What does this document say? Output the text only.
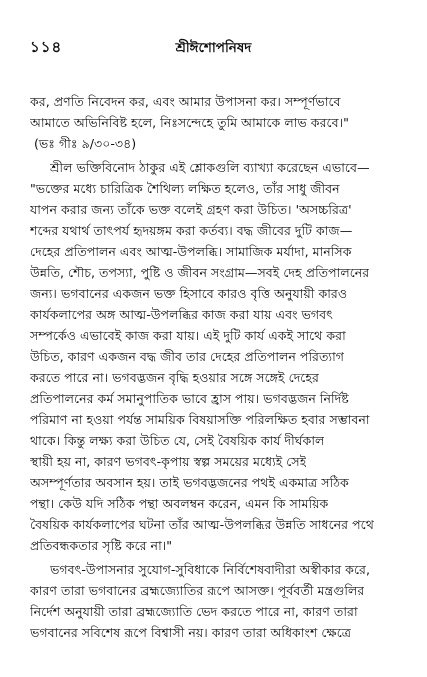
১১৪	শ্রীঈশোপনিষদ
কর, প্রণতি নিবেদন কর, এবং আমার উপাসনা কর। সম্পূর্ণভাবে
আমাতে অভিনিবিষ্ট হলে, নিঃসন্দেহে তুমি আমাকে লাভ করবে।"
(ভঃ গীঃ ৯/৩০-৩৪)
শ্রীল ভক্তিবিনোদ ঠাকুর এই শ্লোকগুলি ব্যাখ্যা করেছেন এভাবে—
"ভক্তের মধ্যে চারিত্রিক শৈথিল্য লক্ষিত হলেও, তাঁর সাধু জীবন
যাপন করার জন্য তাঁকে ভক্ত বলেই গ্রহণ করা উচিত। 'অসচ্চরিত্র'
শব্দের যথার্থ তাৎপর্য হৃদয়ঙ্গম করা কর্তব্য। বদ্ধ জীবের দুটি কাজ—
দেহের প্রতিপালন এবং আত্ম-উপলব্ধি। সামাজিক মর্যাদা, মানসিক
উন্নতি, শৌচ, তপস্যা, পুষ্টি ও জীবন সংগ্রাম—সবই দেহ প্রতিপালনের
জন্য। ভগবানের একজন ভক্ত হিসাবে কারও বৃত্তি অনুযায়ী কারও
কার্যকলাপের অঙ্গ আত্ম-উপলব্ধির কাজ করা যায় এবং ভগবৎ
সম্পর্কেও এভাবেই কাজ করা যায়। এই দুটি কার্য একই সাথে করা
উচিত, কারণ একজন বদ্ধ জীব তার দেহের প্রতিপালন পরিত্যাগ
করতে পারে না। ভগবদ্ভজন বৃদ্ধি হওয়ার সঙ্গে সঙ্গেই দেহের
প্রতিপালনের কর্ম সমানুপাতিক ভাবে হ্রাস পায়। ভগবদ্ভজন নির্দিষ্ট
পরিমাণ না হওয়া পর্যন্ত সাময়িক বিষয়াসক্তি পরিলক্ষিত হবার সম্ভাবনা
থাকে। কিন্তু লক্ষ্য করা উচিত যে, সেই বৈষয়িক কার্য দীর্ঘকাল
স্থায়ী হয় না, কারণ ভগবৎ-কৃপায় স্বল্প সময়ের মধ্যেই সেই
অসম্পূর্ণতার অবসান হয়। তাই ভগবদ্ভজনের পথই একমাত্র সঠিক
পন্থা। কেউ যদি সঠিক পন্থা অবলম্বন করেন, এমন কি সাময়িক
বৈষয়িক কার্যকলাপের ঘটনা তাঁর আত্ম-উপলব্ধির উন্নতি সাধনের পথে
প্রতিবন্ধকতার সৃষ্টি করে না।"
ভগবৎ-উপাসনার সুযোগ-সুবিধাকে নির্বিশেষবাদীরা অস্বীকার করে,
কারণ তারা ভগবানের ব্রহ্মজ্যোতির রূপে আসক্ত। পূর্ববর্তী মন্ত্রগুলির
নির্দেশ অনুযায়ী তারা ব্রহ্মজ্যোতি ভেদ করতে পারে না, কারণ তারা
ভগবানের সবিশেষ রূপে বিশ্বাসী নয়। কারণ তারা অধিকাংশ ক্ষেত্রে
